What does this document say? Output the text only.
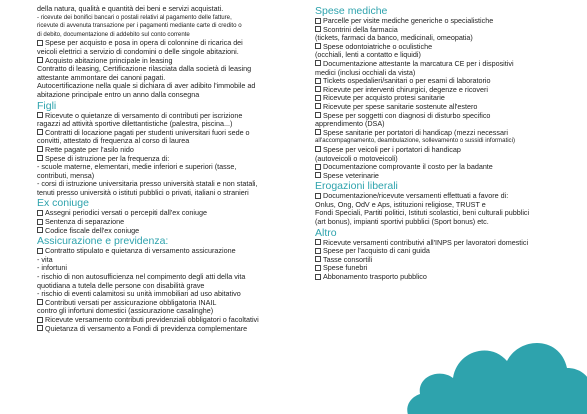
della natura, qualità e quantità dei beni e servizi acquistati.
- ricevute dei bonifici bancari o postali relativi al pagamento delle fatture,
ricevute di avvenuta transazione per i pagamenti mediante carte di credito o
di debito, documentazione di addebito sul conto corrente
Spese per acquisto e posa in opera di colonnine di ricarica dei
veicoli elettrici a servizio di condomini o delle singole abitazioni.
Acquisto abitazione principale in leasing
Contratto di leasing, Certificazione rilasciata dalla società di leasing
attestante ammontare dei canoni pagati.
Autocertificazione nella quale si dichiara di aver adibito l'immobile ad
abitazione principale entro un anno dalla consegna
Figli
Ricevute o quietanze di versamento di contributi per iscrizione
ragazzi ad attività sportive dilettantistiche (palestra, piscina...)
Contratti di locazione pagati per studenti universitari fuori sede o
convitti, attestato di frequenza al corso di laurea
Rette pagate per l'asilo nido
Spese di istruzione per la frequenza di:
- scuole materne, elementari, medie inferiori e superiori (tasse,
contributi, mensa)
- corsi di istruzione universitaria presso università statali e non statali,
tenuti presso università o istituti pubblici o privati, italiani o stranieri
Ex coniuge
Assegni periodici versati o percepiti dall'ex coniuge
Sentenza di separazione
Codice fiscale dell'ex coniuge
Assicurazione e previdenza:
Contratto stipulato e quietanza di versamento assicurazione
- vita
- infortuni
- rischio di non autosufficienza nel compimento degli atti della vita
quotidiana a tutela delle persone con disabilità grave
- rischio di eventi calamitosi su unità immobiliari ad uso abitativo
Contributi versati per assicurazione obbligatoria INAIL
contro gli infortuni domestici (assicurazione casalinghe)
Ricevute versamento contributi previdenziali obbligatori o facoltativi
Quietanza di versamento a Fondi di previdenza complementare
Spese mediche
Parcelle per visite mediche generiche o specialistiche
Scontrini della farmacia
(tickets, farmaci da banco, medicinali, omeopatia)
Spese odontoiatriche o oculistiche
(occhiali, lenti a contatto e liquidi)
Documentazione attestante la marcatura CE per i dispositivi
medici (inclusi occhiali da vista)
Tickets ospedalieri/sanitari o per esami di laboratorio
Ricevute per interventi chirurgici, degenze e ricoveri
Ricevute per acquisto protesi sanitarie
Ricevute per spese sanitarie sostenute all'estero
Spese per soggetti con diagnosi di disturbo specifico
apprendimento (DSA)
Spese sanitarie per portatori di handicap (mezzi necessari
all'accompagnamento, deambulazione, sollevamento o sussidi informatici)
Spese per veicoli per i portatori di handicap
(autoveicoli o motoveicoli)
Documentazione comprovante il costo per la badante
Spese veterinarie
Erogazioni liberali
Documentazione/ricevute versamenti effettuati a favore di:
Onlus, Ong, OdV e Aps, istituzioni religiose, TRUST e
Fondi Speciali, Partiti politici, Istituti scolastici, beni culturali pubblici
(art bonus), impianti sportivi pubblici (Sport bonus) etc.
Altro
Ricevute versamenti contributivi all'INPS per lavoratori domestici
Spese per l'acquisto di cani guida
Tasse consortili
Spese funebri
Abbonamento trasporto pubblico
